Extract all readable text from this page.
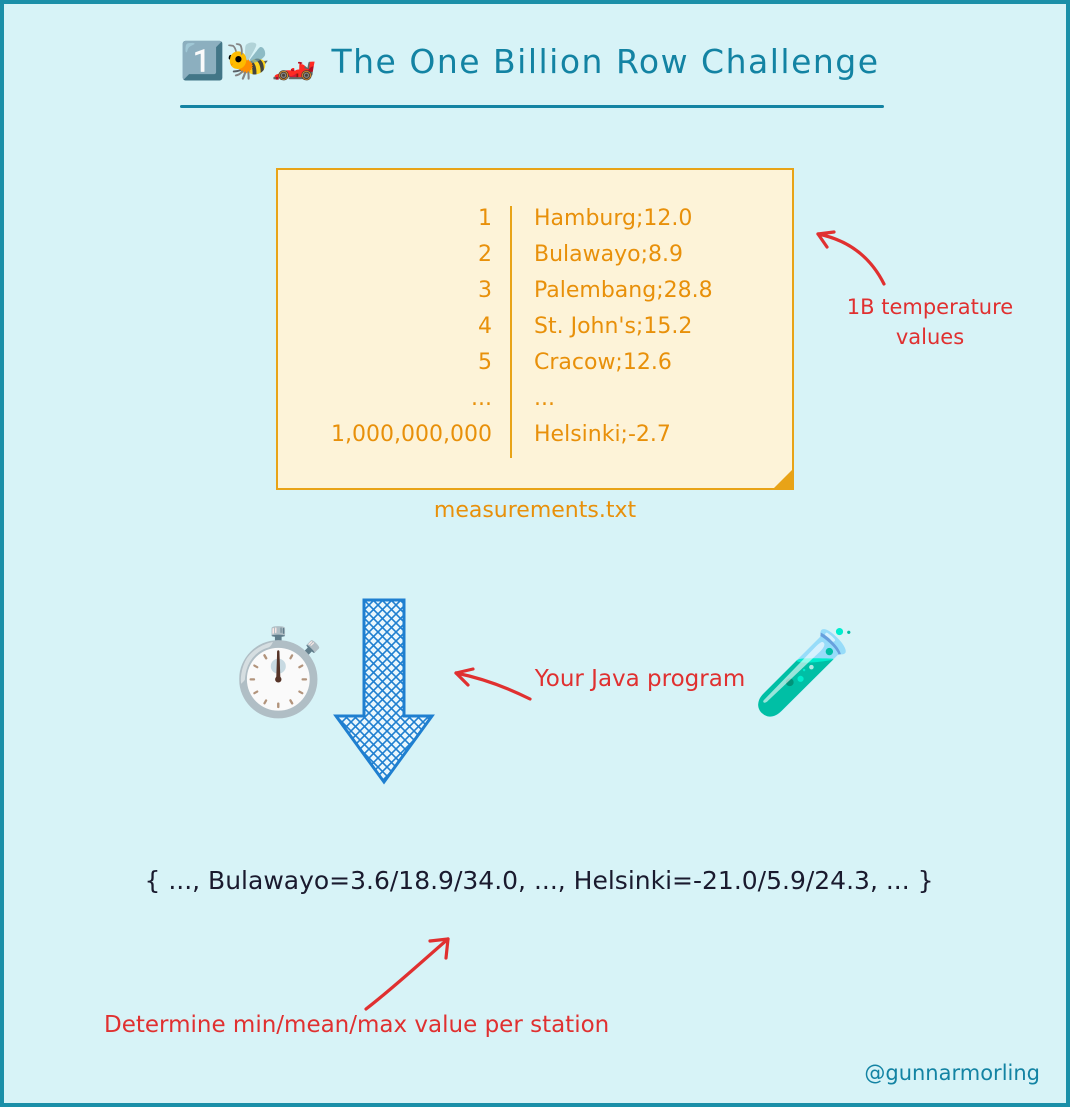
1️⃣🐝🏎️ The One Billion Row Challenge
1	Hamburg;12.0
2	Bulawayo;8.9
3	Palembang;28.8
4	St. John's;15.2
5	Cracow;12.6
...	...
1,000,000,000	Helsinki;-2.7
measurements.txt
1B temperature values
⏱️	Your Java program 🧪
{ ..., Bulawayo=3.6/18.9/34.0, ..., Helsinki=-21.0/5.9/24.3, ... }
Determine min/mean/max value per station
@gunnarmorling
